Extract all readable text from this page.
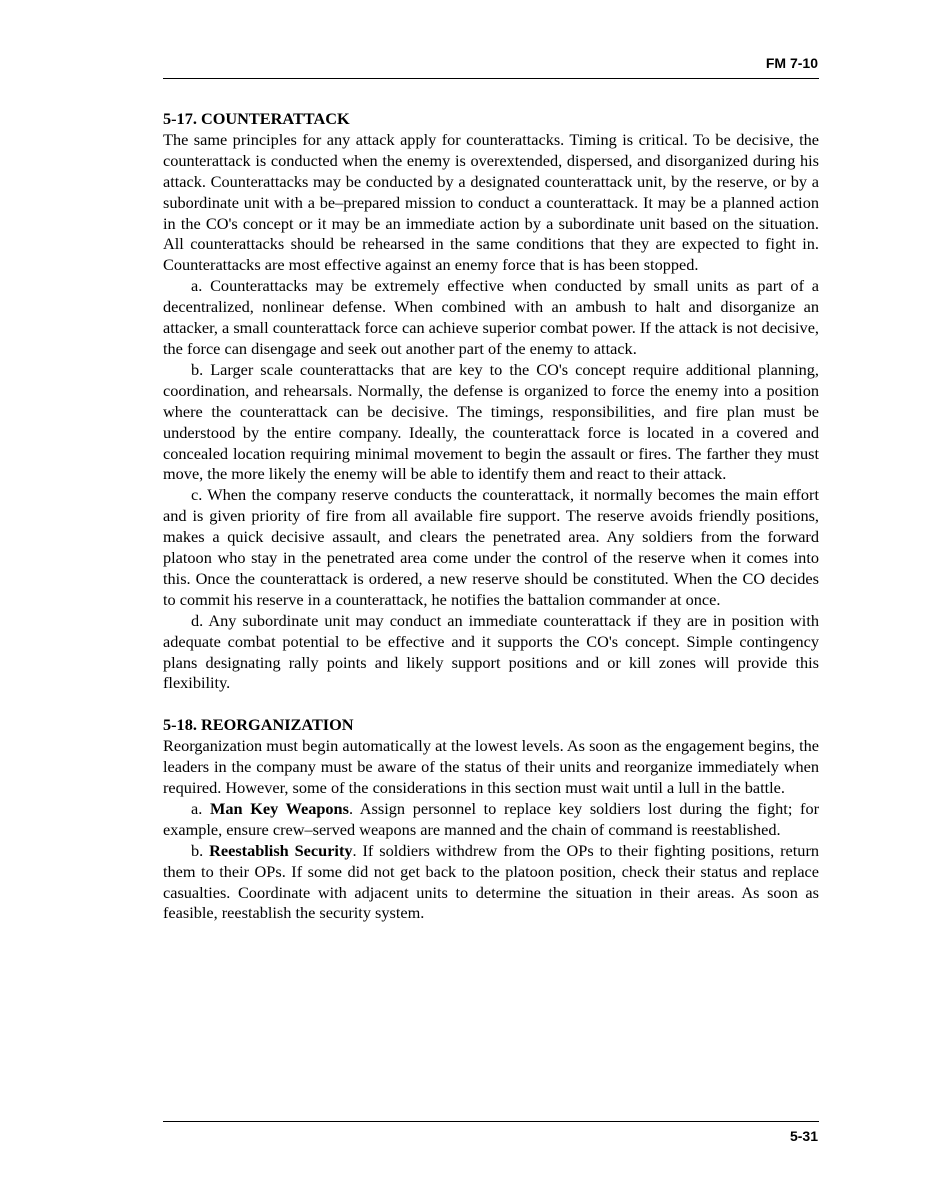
FM 7-10
5-17. COUNTERATTACK

The same principles for any attack apply for counterattacks. Timing is critical. To be decisive, the counterattack is conducted when the enemy is overextended, dispersed, and disorganized during his attack. Counterattacks may be conducted by a designated counterattack unit, by the reserve, or by a subordinate unit with a be–prepared mission to conduct a counterattack. It may be a planned action in the CO's concept or it may be an immediate action by a subordinate unit based on the situation. All counterattacks should be rehearsed in the same conditions that they are expected to fight in. Counterattacks are most effective against an enemy force that is has been stopped.

a. Counterattacks may be extremely effective when conducted by small units as part of a decentralized, nonlinear defense. When combined with an ambush to halt and disorganize an attacker, a small counterattack force can achieve superior combat power. If the attack is not decisive, the force can disengage and seek out another part of the enemy to attack.

b. Larger scale counterattacks that are key to the CO's concept require additional planning, coordination, and rehearsals. Normally, the defense is organized to force the enemy into a position where the counterattack can be decisive. The timings, responsibilities, and fire plan must be understood by the entire company. Ideally, the counterattack force is located in a covered and concealed location requiring minimal movement to begin the assault or fires. The farther they must move, the more likely the enemy will be able to identify them and react to their attack.

c. When the company reserve conducts the counterattack, it normally becomes the main effort and is given priority of fire from all available fire support. The reserve avoids friendly positions, makes a quick decisive assault, and clears the penetrated area. Any soldiers from the forward platoon who stay in the penetrated area come under the control of the reserve when it comes into this. Once the counterattack is ordered, a new reserve should be constituted. When the CO decides to commit his reserve in a counterattack, he notifies the battalion commander at once.

d. Any subordinate unit may conduct an immediate counterattack if they are in position with adequate combat potential to be effective and it supports the CO's concept. Simple contingency plans designating rally points and likely support positions and or kill zones will provide this flexibility.

5-18. REORGANIZATION

Reorganization must begin automatically at the lowest levels. As soon as the engagement begins, the leaders in the company must be aware of the status of their units and reorganize immediately when required. However, some of the considerations in this section must wait until a lull in the battle.

a. Man Key Weapons. Assign personnel to replace key soldiers lost during the fight; for example, ensure crew–served weapons are manned and the chain of command is reestablished.

b. Reestablish Security. If soldiers withdrew from the OPs to their fighting positions, return them to their OPs. If some did not get back to the platoon position, check their status and replace casualties. Coordinate with adjacent units to determine the situation in their areas. As soon as feasible, reestablish the security system.

5-31
